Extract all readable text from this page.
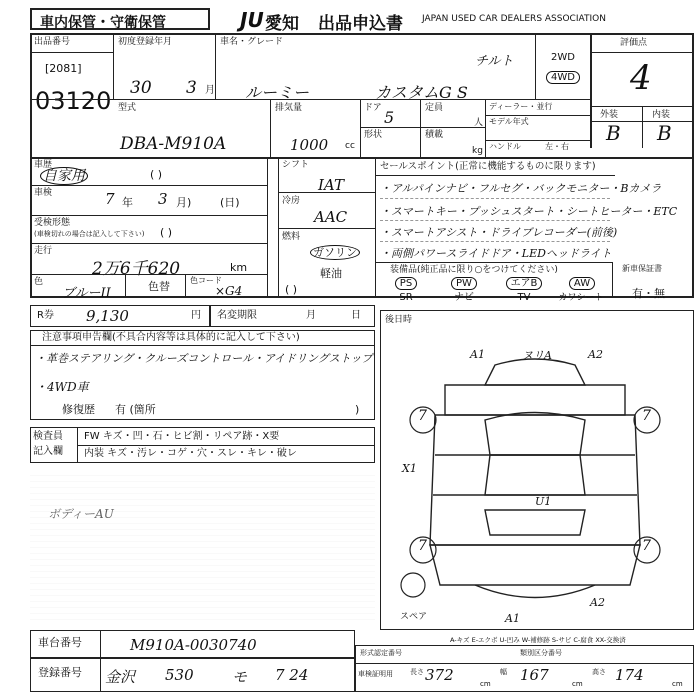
車内保管・守衛保管	JU 愛知 出品申込書 JAPAN USED CAR DEALERS ASSOCIATION
出品番号
[2081]
03120
初度登録年月
30 3 月
車名・グレード
チルト
ルーミー	カスタムG S
2WD
4WD
評価点
4
外装	内装
B B
型式
DBA-M910A
排気量
1000 cc
ドア 5	定員
人
形状	積載
kg
ディーラー・並行
モデル年式
ハンドル	左・右
車歴
自家用	( )
車検	7 年 3 月)	(日)
受検形態
(車検切れの場合は記入して下さい) ( )
走行
2万6千620	km
色
ブルーII	色替	色コード
×G4
シフト
IAT
冷房
AAC
燃料
ガソリン
軽油
( )
セールスポイント(正常に機能するものに限ります)
・アルパインナビ・フルセグ・バックモニター・Bカメラ
・スマートキー・プッシュスタート・シートヒーター・ETC
・スマートアシスト・ドライブレコーダー(前後)
・両側パワースライドドア・LEDヘッドライト
装備品(純正品に限り○をつけてください)
PS	PW	エアB	AW
SR	ナビ	TV	カワシート
新車保証書
有・無
R券 9,130	円 名変期限	月	日	後日時
注意事項申告欄(不具合内容等は具体的に記入して下さい)
・革巻ステアリング・クルーズコントロール・アイドリングストップ
・4WD車
修復歴 有 (箇所	)
検査員
記入欄
FW キズ・凹・石・ヒビ割・リペア跡・X要
内装 キズ・汚レ・コゲ・穴・スレ・キレ・破レ
ボディーAU
7	7
7	7
A1	ヌリA	A2
X1
U1
A1
A2
スペア
A-キズ E-エクボ U-凹み W-補修跡 S-サビ C-腐食 XX-交換済
車台番号	M910A-0030740
登録番号 金沢 530	モ 7 24
形式認定番号	類別区分番号
車検証明用 長さ 372	cm
幅 167	cm
高さ 174	cm
